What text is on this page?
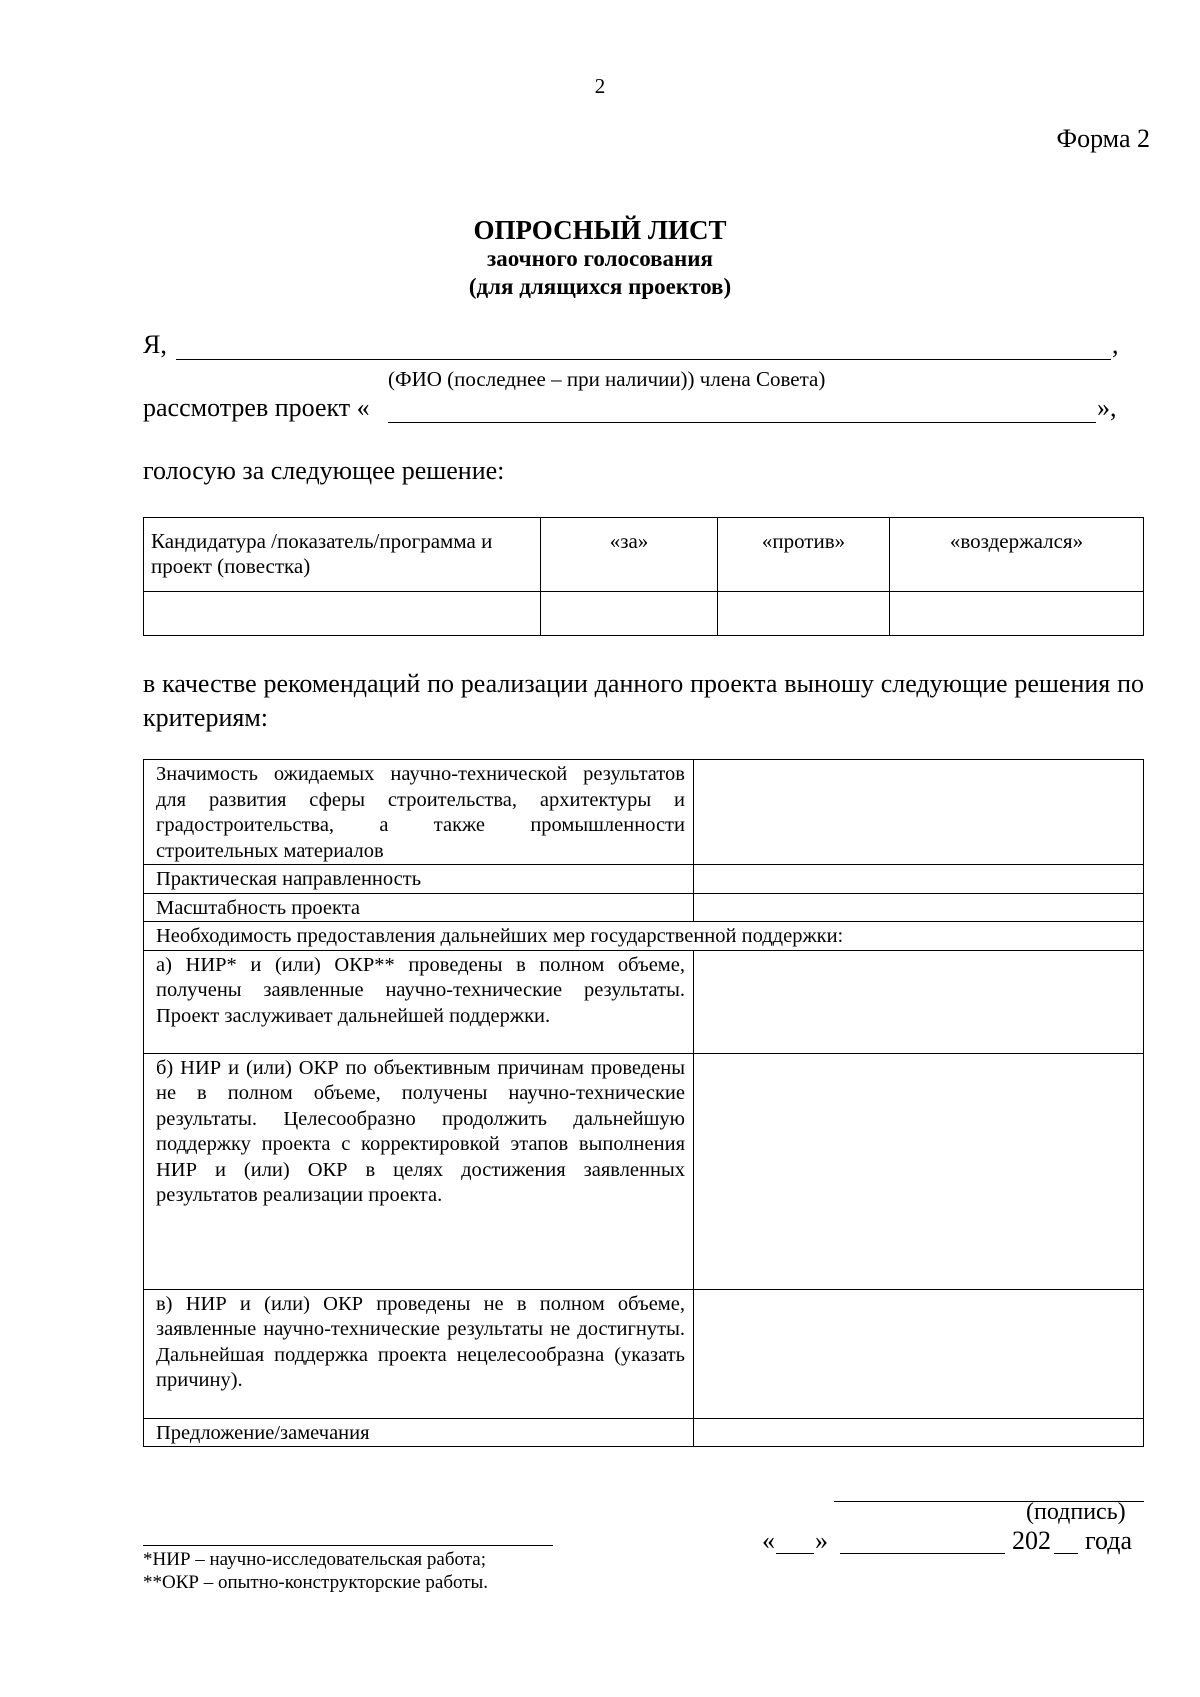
2
Форма 2
ОПРОСНЫЙ ЛИСТ
заочного голосования
(для длящихся проектов)
Я,	,
(ФИО (последнее – при наличии)) члена Совета)
рассмотрев проект «	»,
голосую за следующее решение:
Кандидатура /показатель/программа и проект (повестка)	«за»	«против»	«воздержался»

в качестве рекомендаций по реализации данного проекта выношу следующие решения по критериям:
Значимость ожидаемых научно-технической результатов для развития сферы строительства, архитектуры и градостроительства, а также промышленности строительных материалов	
Практическая направленность	
Масштабность проекта	
Необходимость предоставления дальнейших мер государственной поддержки:	
а) НИР* и (или) ОКР** проведены в полном объеме, получены заявленные научно-технические результаты. Проект заслуживает дальнейшей поддержки.	
б) НИР и (или) ОКР по объективным причинам проведены не в полном объеме, получены научно-технические результаты. Целесообразно продолжить дальнейшую поддержку проекта с корректировкой этапов выполнения НИР и (или) ОКР в целях достижения заявленных результатов реализации проекта.	
в) НИР и (или) ОКР проведены не в полном объеме, заявленные научно-технические результаты не достигнуты. Дальнейшая поддержка проекта нецелесообразна (указать причину).	
Предложение/замечания	
(подпись)
« »	202 года
*НИР – научно-исследовательская работа;
**ОКР – опытно-конструкторские работы.
